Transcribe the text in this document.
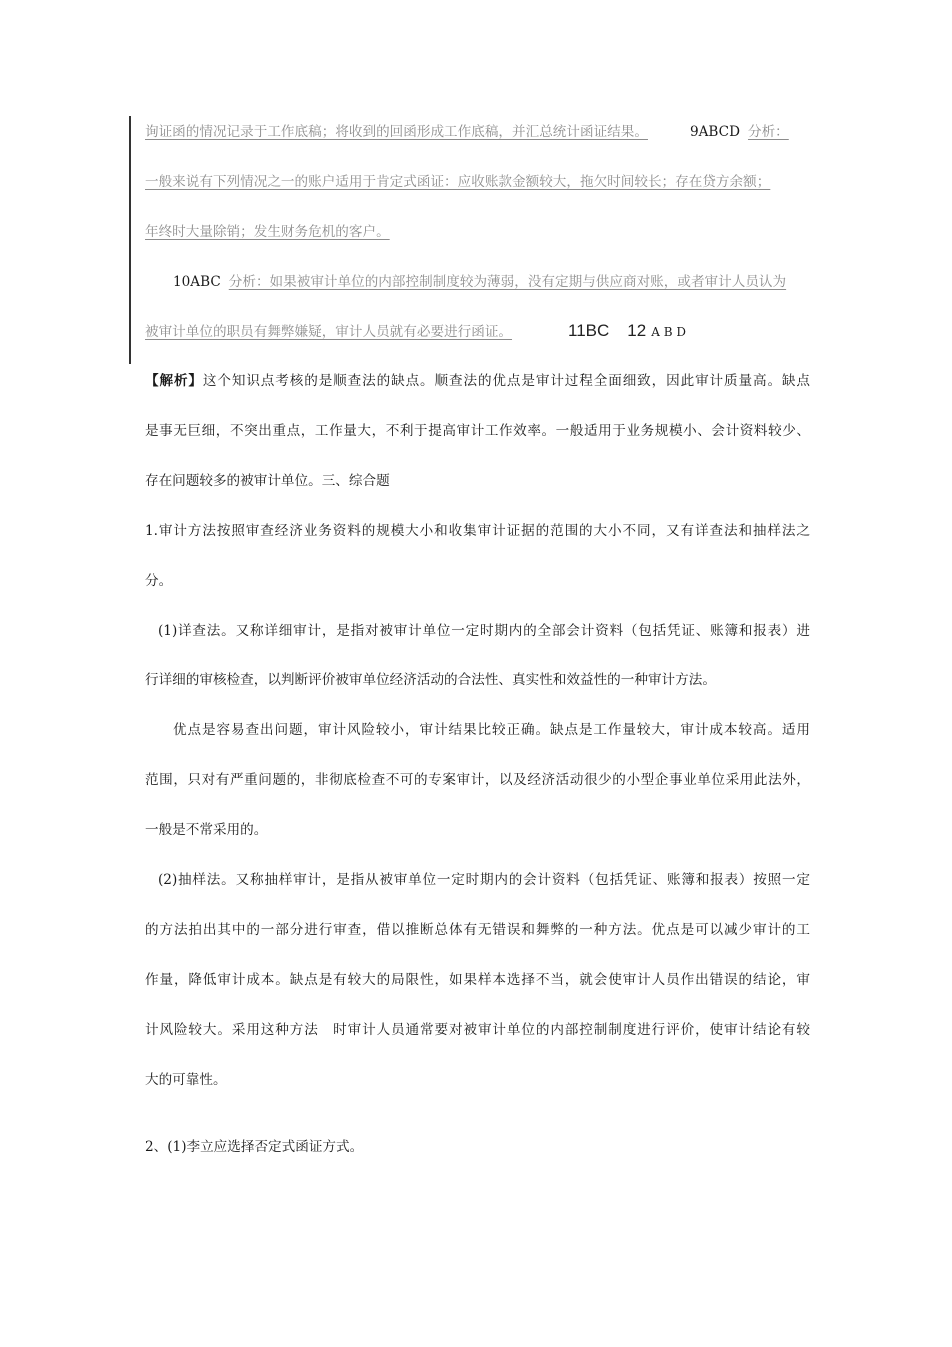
询证函的情况记录于工作底稿；将收到的回函形成工作底稿，并汇总统计函证结果。	9ABCD 分析：
一般来说有下列情况之一的账户适用于肯定式函证：应收账款金额较大，拖欠时间较长；存在贷方余额；
年终时大量除销；发生财务危机的客户。
10ABC 分析：如果被审计单位的内部控制制度较为薄弱，没有定期与供应商对账，或者审计人员认为
被审计单位的职员有舞弊嫌疑，审计人员就有必要进行函证。	11BC 12 A B D
【解析】这个知识点考核的是顺查法的缺点。顺查法的优点是审计过程全面细致，因此审计质量高。缺点
是事无巨细，不突出重点，工作量大，不利于提高审计工作效率。一般适用于业务规模小、会计资料较少、
存在问题较多的被审计单位。三、综合题
1.审计方法按照审查经济业务资料的规模大小和收集审计证据的范围的大小不同，又有详查法和抽样法之
分。
(1)详查法。又称详细审计，是指对被审计单位一定时期内的全部会计资料（包括凭证、账簿和报表）进
行详细的审核检查，以判断评价被审单位经济活动的合法性、真实性和效益性的一种审计方法。
优点是容易查出问题，审计风险较小，审计结果比较正确。缺点是工作量较大，审计成本较高。适用
范围，只对有严重问题的，非彻底检查不可的专案审计，以及经济活动很少的小型企事业单位采用此法外，
一般是不常采用的。
(2)抽样法。又称抽样审计，是指从被审单位一定时期内的会计资料（包括凭证、账簿和报表）按照一定
的方法拍出其中的一部分进行审查，借以推断总体有无错误和舞弊的一种方法。优点是可以减少审计的工
作量，降低审计成本。缺点是有较大的局限性，如果样本选择不当，就会使审计人员作出错误的结论，审
计风险较大。采用这种方法　时审计人员通常要对被审计单位的内部控制制度进行评价，使审计结论有较
大的可靠性。
2、(1)李立应选择否定式函证方式。
